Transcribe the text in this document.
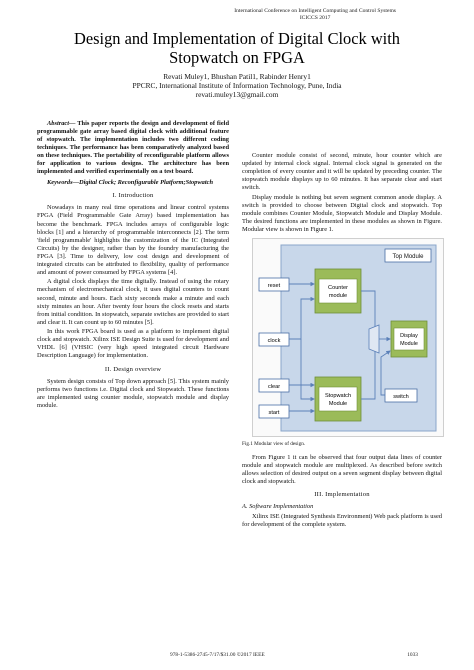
International Conference on Intelligent Computing and Control Systems
ICICCS 2017
Design and Implementation of Digital Clock with
Stopwatch on FPGA
Revati Muley1, Bhushan Patil1, Rabinder Henry1
PPCRC, International Institute of Information Technology, Pune, India
revati.muley13@gmail.com

Abstract— This paper reports the design and development of field programmable gate array based digital clock with additional feature of stopwatch. The implementation includes two different coding techniques. The performance has been comparatively analyzed based on these techniques. The portability of reconfigurable platform allows for application to various designs. The architecture has been implemented and verified experimentally on a test board.

Keywords—Digital Clock; Reconfigurable Platform;Stopwatch

I. Introduction

Nowadays in many real time operations and linear control systems FPGA (Field Programmable Gate Array) based implementation has become the benchmark. FPGA includes arrays of configurable logic blocks [1] and a hierarchy of programmable interconnects [2]. The term 'field programmable' highlights the customization of the IC (Integrated Circuits) by the designer, rather than by the foundry manufacturing the FPGA [3]. Time to delivery, low cost design and development of integrated circuits can be attributed to flexibility, quality of performance and amount of power consumed by FPGA systems [4].

A digital clock displays the time digitally. Instead of using the rotary mechanism of electromechanical clock, it uses digital counters to count second, minute and hours. Each sixty seconds make a minute and each sixty minutes an hour. After twenty four hours the clock resets and starts from initial condition. In stopwatch, separate switches are provided to start and clear it. It can count up to 60 minutes [5].

In this work FPGA board is used as a platform to implement digital clock and stopwatch. Xilinx ISE Design Suite is used for development and VHDL [6] (VHSIC (very high speed integrated circuit Hardware Description Language) for implementation.

II. Design overview

System design consists of Top down approach [5]. This system mainly performs two functions i.e. Digital clock and Stopwatch. These functions are implemented using counter module, stopwatch module and display module.

Counter module consist of second, minute, hour counter which are updated by internal clock signal. Internal clock signal is generated on the completion of every counter and it will be updated by preceding counter. The stopwatch module displays up to 60 minutes. It has separate clear and start switch.

Display module is nothing but seven segment common anode display. A switch is provided to choose between Digital clock and stopwatch. Top module combines Counter Module, Stopwatch Module and Display Module. The desired functions are implemented in these modules as shown in Figure. Modular view is shown in Figure 1.

Top Module
Counter
module
Stopwatch
Module
Display
Module
reset
clock
clear
start
switch
Fig.1 Modular view of design.

From Figure 1 it can be observed that four output data lines of counter module and stopwatch module are multiplexed. As described before switch allows selection of desired output on a seven segment display between digital clock and stopwatch.

III. Implementation
A. Software Implementation

Xilinx ISE (Integrated Synthesis Environment) Web pack platform is used for development of the complete system.

978-1-5386-2745-7/17/$31.00 ©2017 IEEE	1033
